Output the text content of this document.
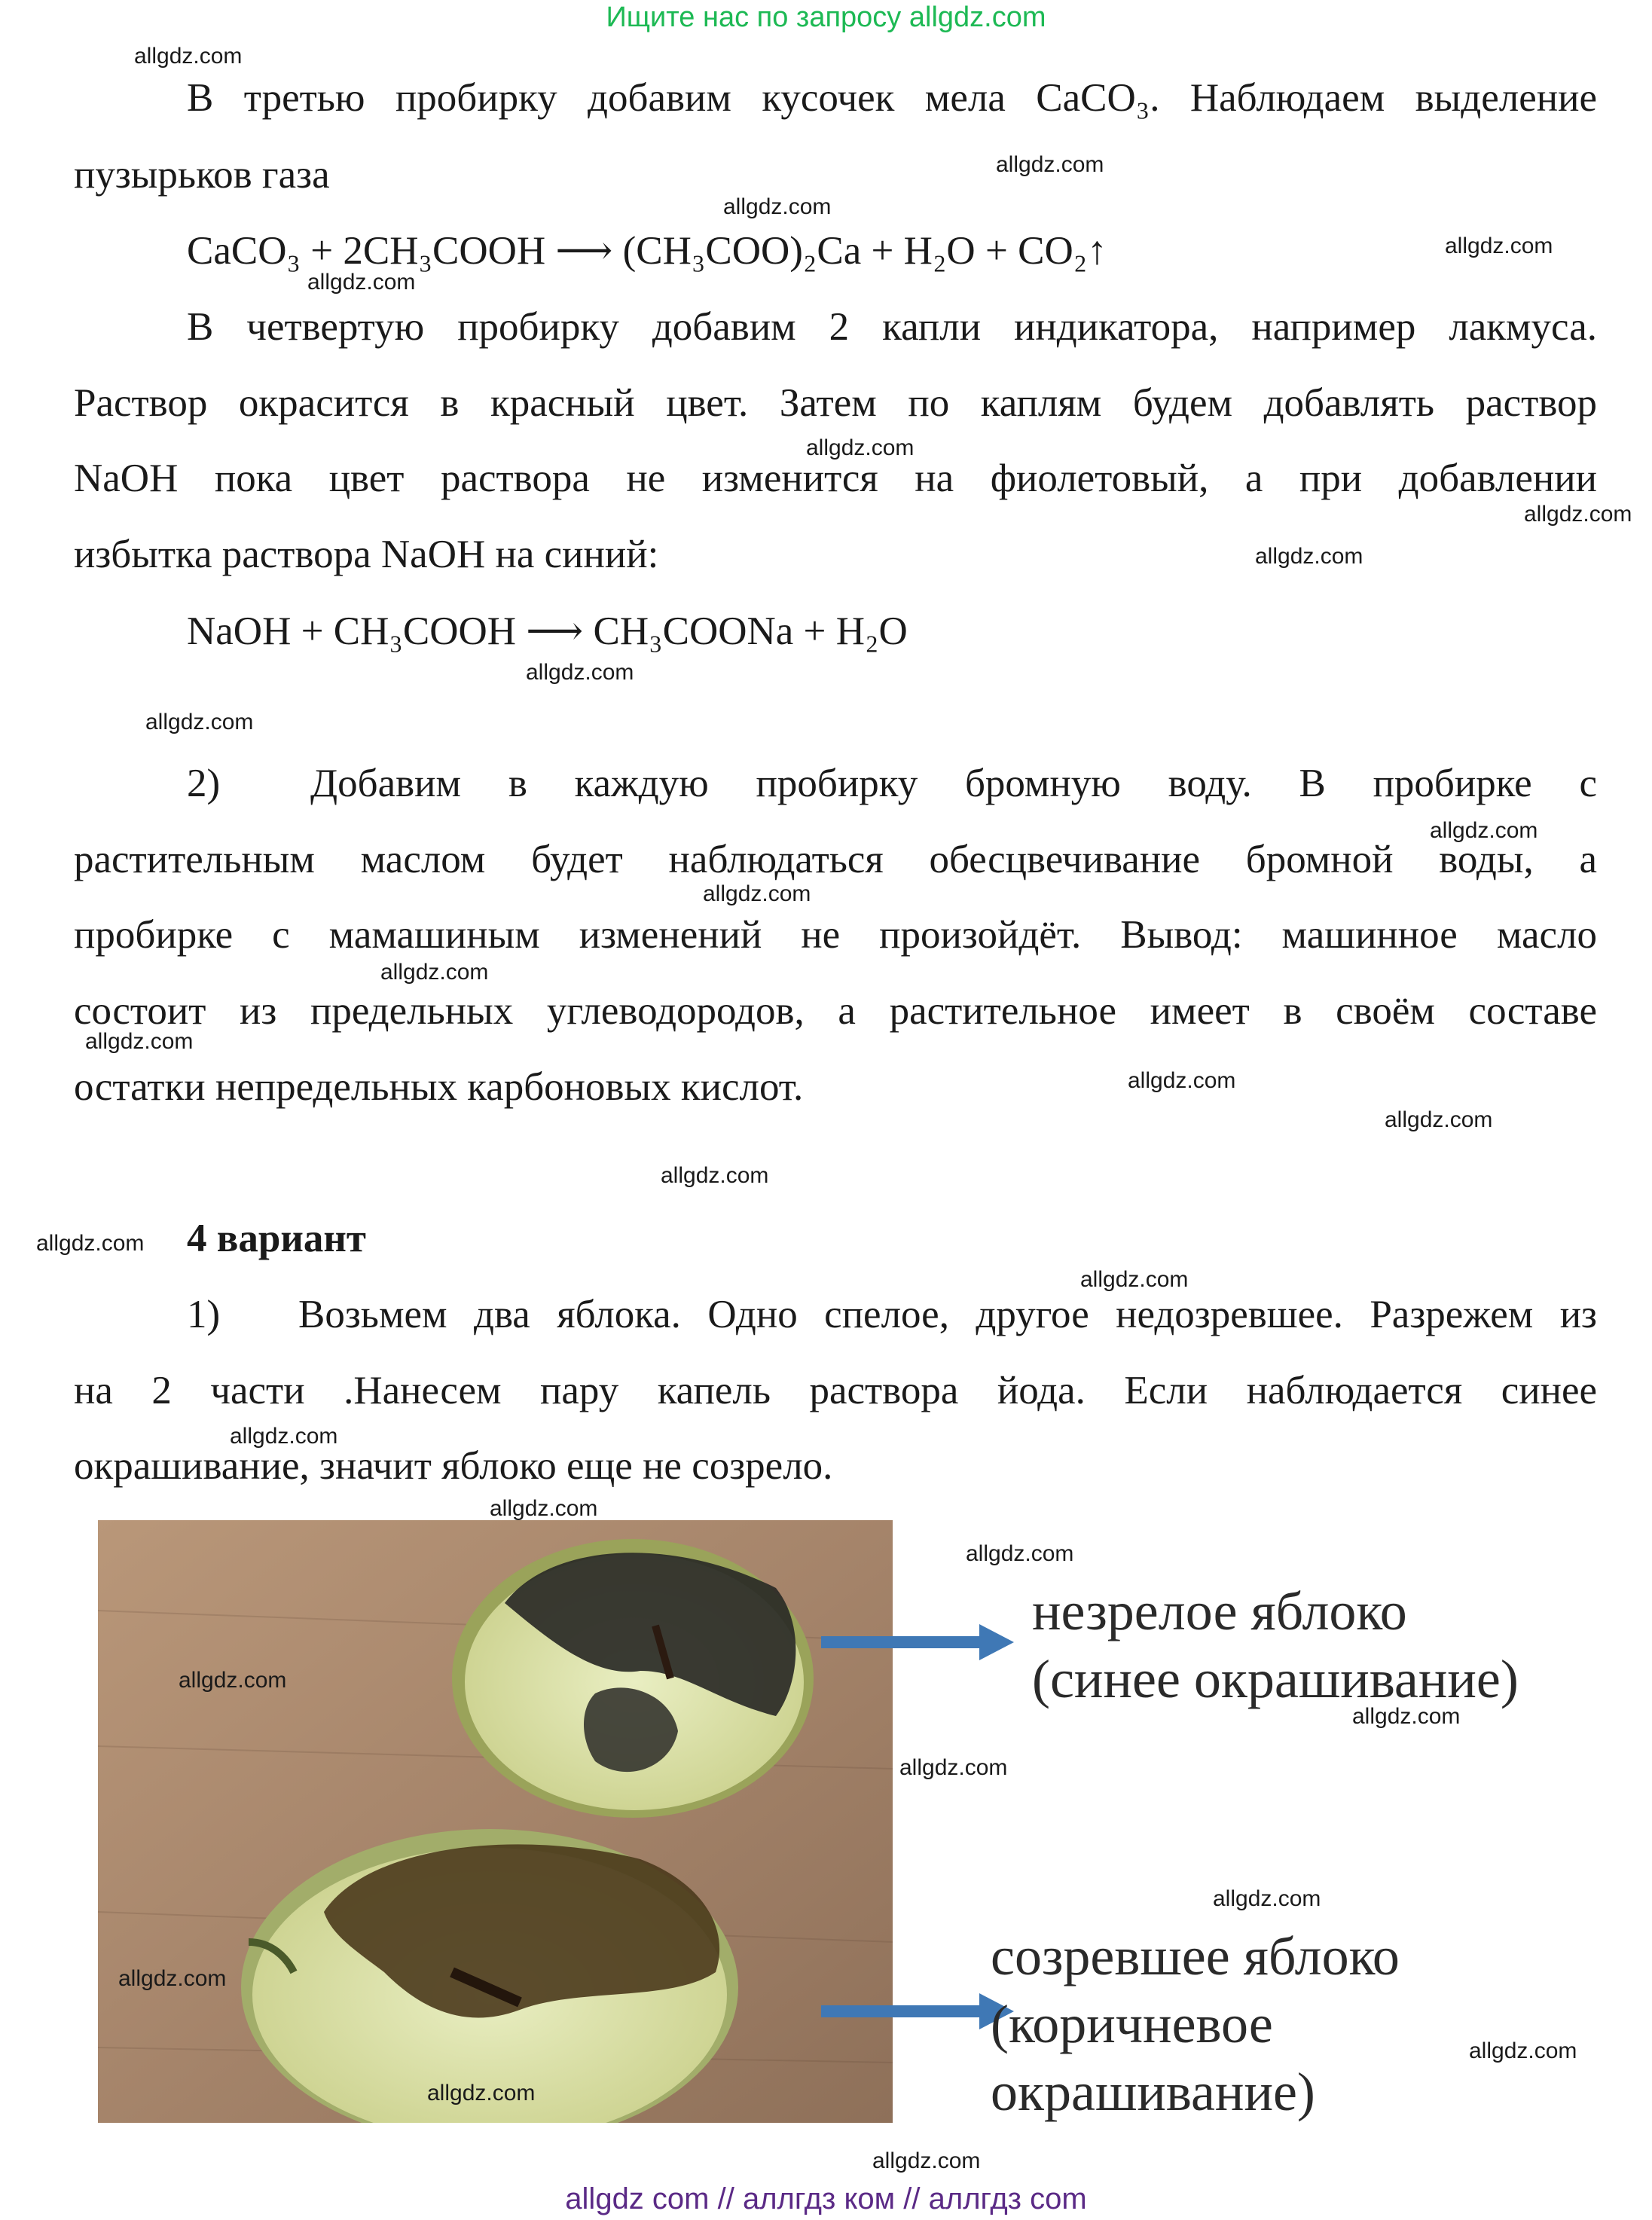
Ищите нас по запросу allgdz.com
В третью пробирку добавим кусочек мела CaCO₃. Наблюдаем выделение
пузырьков газа
CaCO₃ + 2CH₃COOH ⟶ (CH₃COO)₂Ca + H₂O + CO₂↑
В четвертую пробирку добавим 2 капли индикатора, например лакмуса.
Раствор окрасится в красный цвет. Затем по каплям будем добавлять раствор
NaOH пока цвет раствора не изменится на фиолетовый, а при добавлении
избытка раствора NaOH на синий:
NaOH + CH₃COOH ⟶ CH₃COONa + H₂O
2) Добавим в каждую пробирку бромную воду. В пробирке с
растительным маслом будет наблюдаться обесцвечивание бромной воды, а
пробирке с мамашиным изменений не произойдёт. Вывод: машинное масло
состоит из предельных углеводородов, а растительное имеет в своём составе
остатки непредельных карбоновых кислот.
4 вариант
1) Возьмем два яблока. Одно спелое, другое недозревшее. Разрежем из
на 2 части .Нанесем пару капель раствора йода. Если наблюдается синее
окрашивание, значит яблоко еще не созрело.
незрелое яблоко
(синее окрашивание)
созревшее яблоко
(коричневое
окрашивание)
allgdz.com
allgdz.com
allgdz.com
allgdz.com
allgdz.com
allgdz.com
allgdz.com
allgdz.com
allgdz.com
allgdz.com
allgdz.com
allgdz.com
allgdz.com
allgdz.com
allgdz.com
allgdz.com
allgdz.com
allgdz.com
allgdz.com
allgdz.com
allgdz.com
allgdz.com
allgdz.com
allgdz.com
allgdz.com
allgdz.com
allgdz.com
allgdz.com
allgdz.com
allgdz.com
allgdz com // аллгдз ком // аллгдз com
